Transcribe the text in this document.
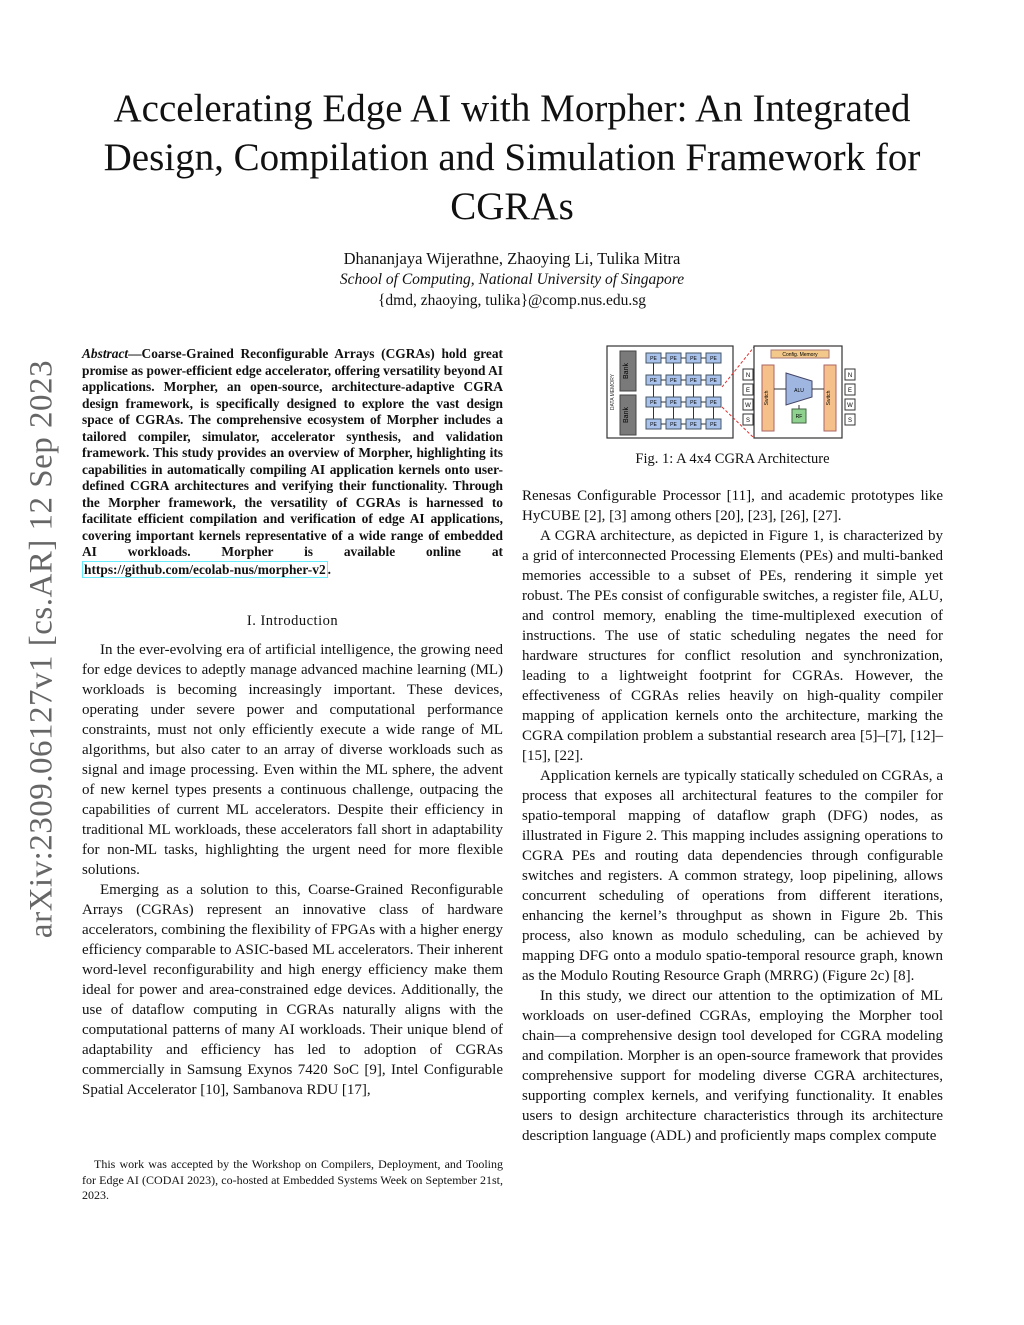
Accelerating Edge AI with Morpher: An Integrated Design, Compilation and Simulation Framework for CGRAs
Dhananjaya Wijerathne, Zhaoying Li, Tulika Mitra
School of Computing, National University of Singapore
{dmd, zhaoying, tulika}@comp.nus.edu.sg
arXiv:2309.06127v1 [cs.AR] 12 Sep 2023

Abstract—Coarse-Grained Reconfigurable Arrays (CGRAs) hold great promise as power-efficient edge accelerator, offering versatility beyond AI applications. Morpher, an open-source, architecture-adaptive CGRA design framework, is specifically designed to explore the vast design space of CGRAs. The comprehensive ecosystem of Morpher includes a tailored compiler, simulator, accelerator synthesis, and validation framework. This study provides an overview of Morpher, highlighting its capabilities in automatically compiling AI application kernels onto user-defined CGRA architectures and verifying their functionality. Through the Morpher framework, the versatility of CGRAs is harnessed to facilitate efficient compilation and verification of edge AI applications, covering important kernels representative of a wide range of embedded AI workloads. Morpher is available online at https://github.com/ecolab-nus/morpher-v2 .

I. Introduction

In the ever-evolving era of artificial intelligence, the growing need for edge devices to adeptly manage advanced machine learning (ML) workloads is becoming increasingly important. These devices, operating under severe power and computational performance constraints, must not only efficiently execute a wide range of ML algorithms, but also cater to an array of diverse workloads such as signal and image processing. Even within the ML sphere, the advent of new kernel types presents a continuous challenge, outpacing the capabilities of current ML accelerators. Despite their efficiency in traditional ML workloads, these accelerators fall short in adaptability for non-ML tasks, highlighting the urgent need for more flexible solutions.

Emerging as a solution to this, Coarse-Grained Reconfigurable Arrays (CGRAs) represent an innovative class of hardware accelerators, combining the flexibility of FPGAs with a higher energy efficiency comparable to ASIC-based ML accelerators. Their inherent word-level reconfigurability and high energy efficiency make them ideal for power and area-constrained edge devices. Additionally, the use of dataflow computing in CGRAs naturally aligns with the computational patterns of many AI workloads. Their unique blend of adaptability and efficiency has led to adoption of CGRAs commercially in Samsung Exynos 7420 SoC [9], Intel Configurable Spatial Accelerator [10], Sambanova RDU [17],

This work was accepted by the Workshop on Compilers, Deployment, and Tooling for Edge AI (CODAI 2023), co-hosted at Embedded Systems Week on September 21st, 2023.

DATA MEMORY
Bank
Bank
PE	PE	PE	PE
PE	PE	PE	PE
PE	PE	PE	PE
PE	PE	PE	PE
Config. Memory
Switch	Switch
ALU
RF
N
E
W
S
N
E
W
S
Fig. 1: A 4x4 CGRA Architecture

Renesas Configurable Processor [11], and academic prototypes like HyCUBE [2], [3] among others [20], [23], [26], [27].

A CGRA architecture, as depicted in Figure 1, is characterized by a grid of interconnected Processing Elements (PEs) and multi-banked memories accessible to a subset of PEs, rendering it simple yet robust. The PEs consist of configurable switches, a register file, ALU, and control memory, enabling the time-multiplexed execution of instructions. The use of static scheduling negates the need for hardware structures for conflict resolution and synchronization, leading to a lightweight footprint for CGRAs. However, the effectiveness of CGRAs relies heavily on high-quality compiler mapping of application kernels onto the architecture, marking the CGRA compilation problem a substantial research area [5]–[7], [12]–[15], [22].

Application kernels are typically statically scheduled on CGRAs, a process that exposes all architectural features to the compiler for spatio-temporal mapping of dataflow graph (DFG) nodes, as illustrated in Figure 2. This mapping includes assigning operations to CGRA PEs and routing data dependencies through configurable switches and registers. A common strategy, loop pipelining, allows concurrent scheduling of operations from different iterations, enhancing the kernel’s throughput as shown in Figure 2b. This process, also known as modulo scheduling, can be achieved by mapping DFG onto a modulo spatio-temporal resource graph, known as the Modulo Routing Resource Graph (MRRG) (Figure 2c) [8].

In this study, we direct our attention to the optimization of ML workloads on user-defined CGRAs, employing the Morpher tool chain—a comprehensive design tool developed for CGRA modeling and compilation. Morpher is an open-source framework that provides comprehensive support for modeling diverse CGRA architectures, supporting complex kernels, and verifying functionality. It enables users to design architecture characteristics through its architecture description language (ADL) and proficiently maps complex compute
